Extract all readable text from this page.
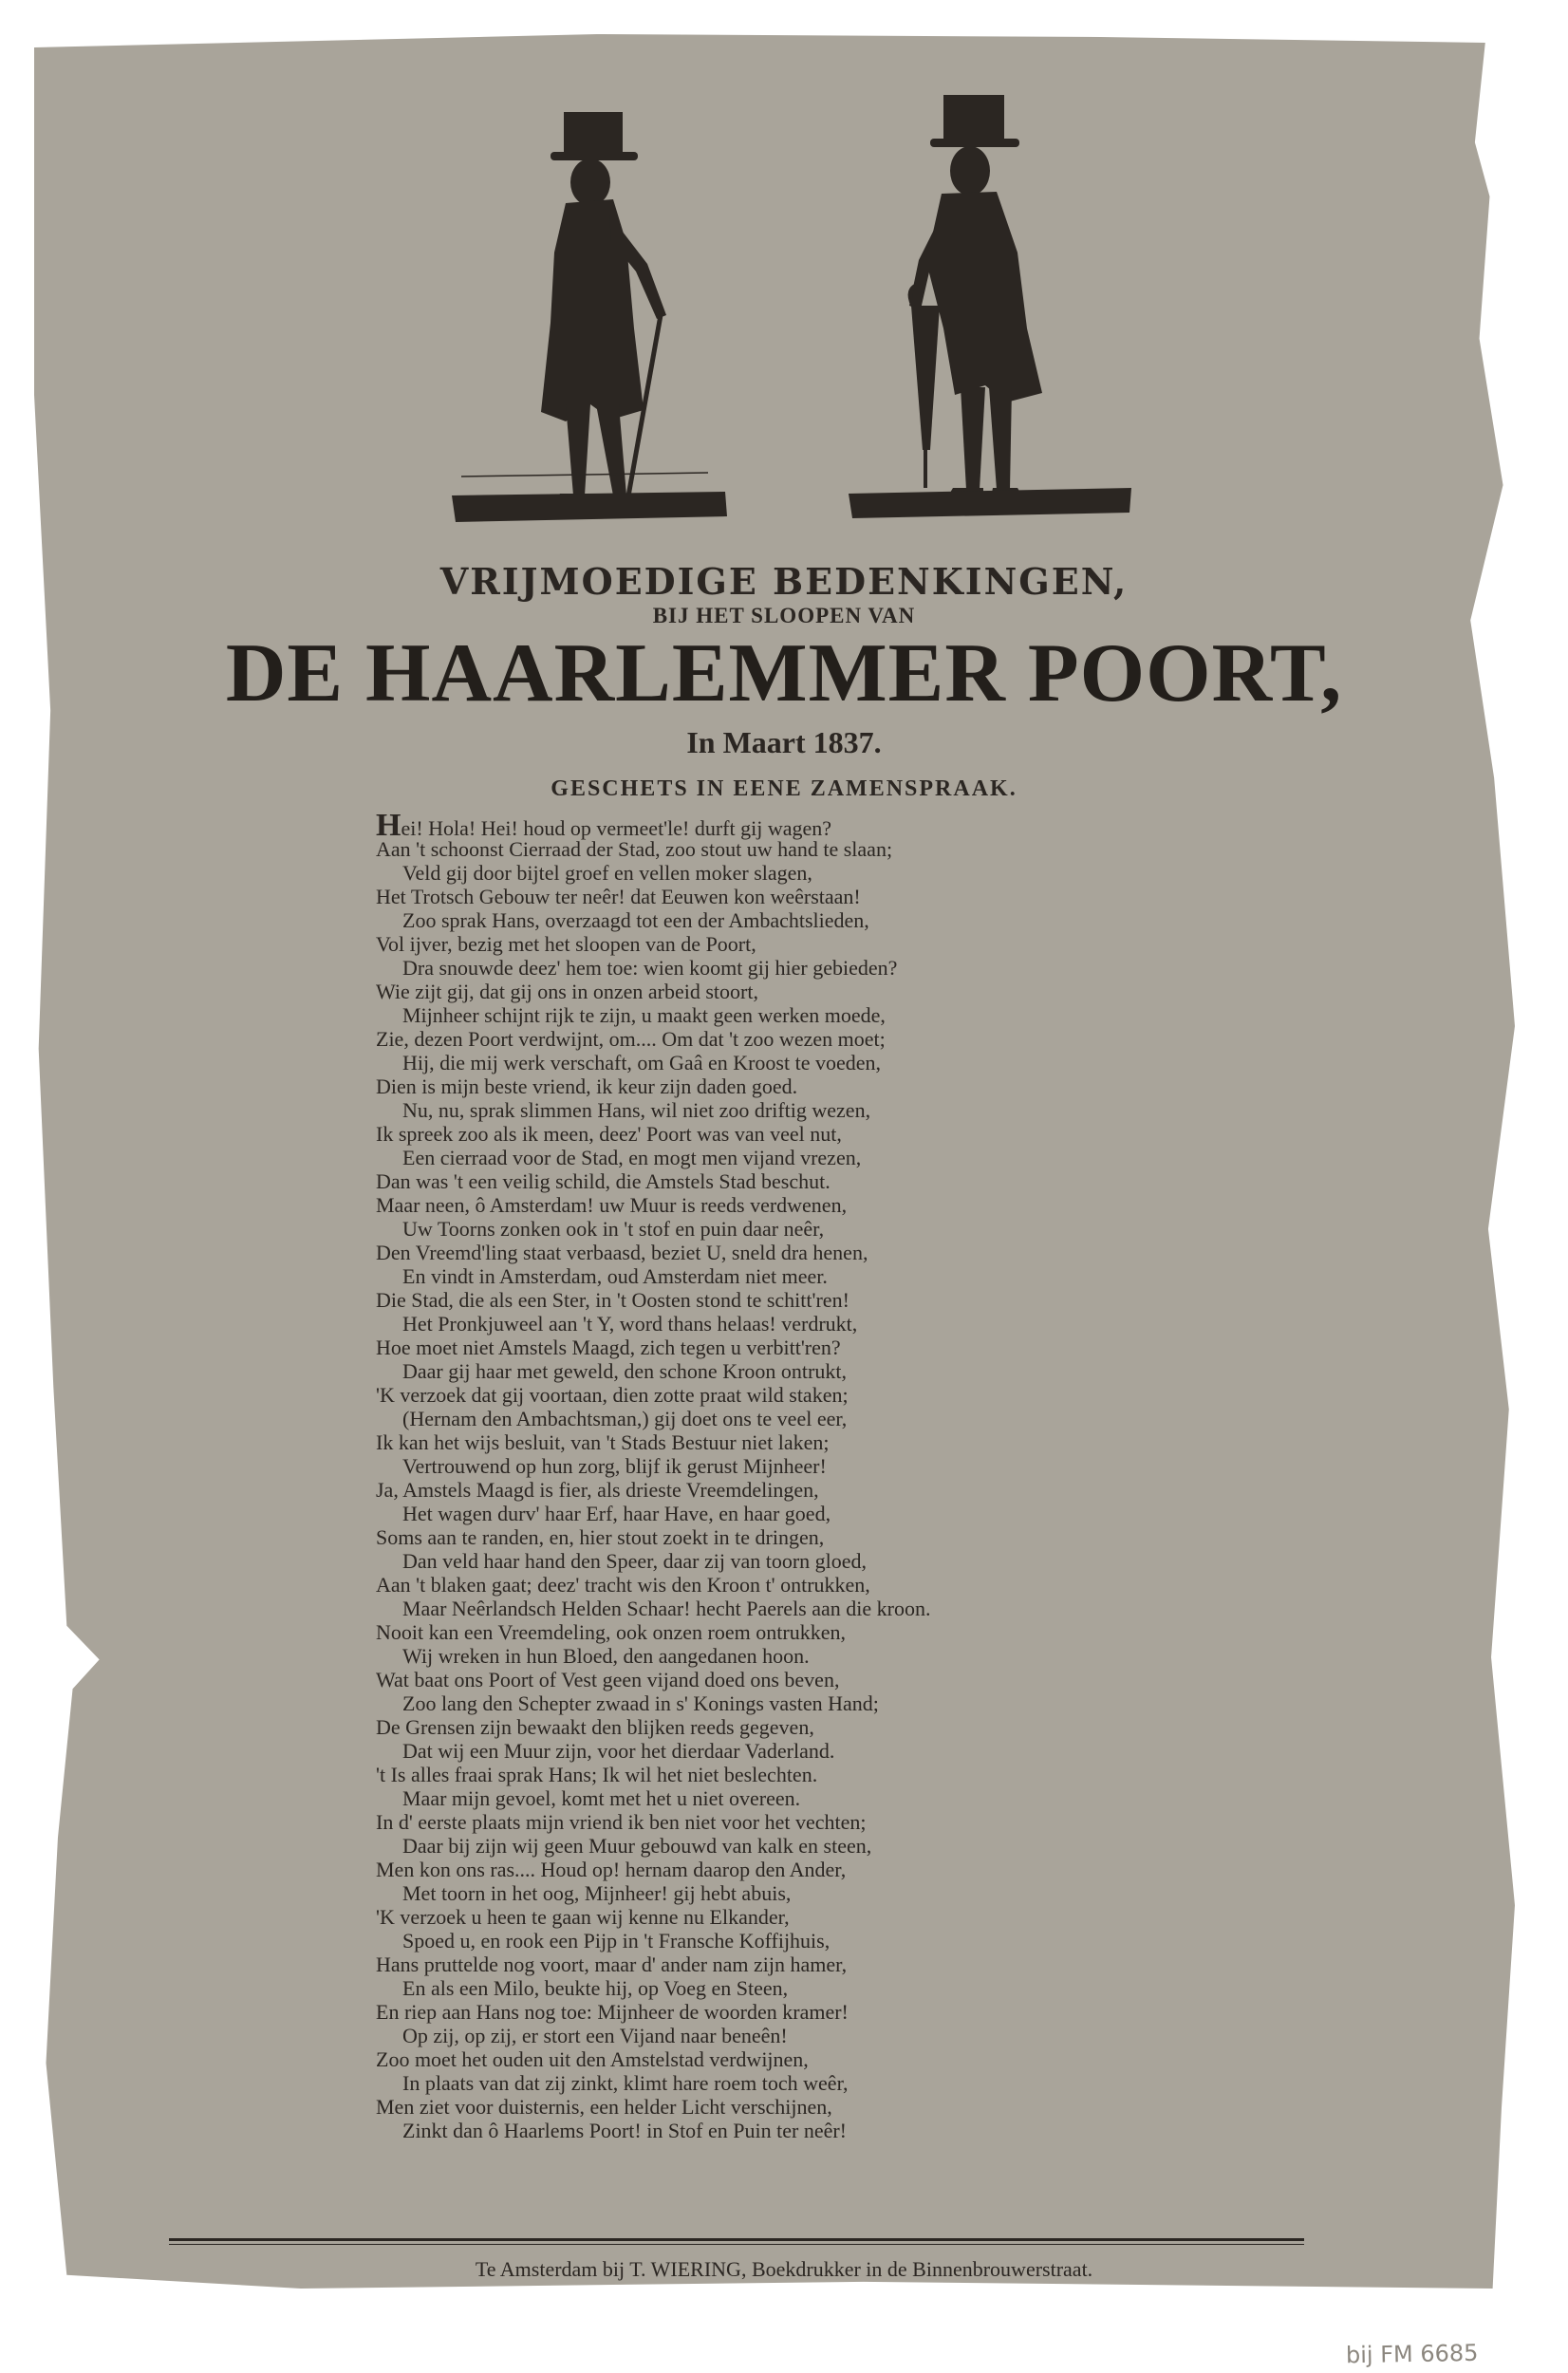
VRIJMOEDIGE BEDENKINGEN,
BIJ HET SLOOPEN VAN
DE HAARLEMMER POORT,
In Maart 1837.
GESCHETS IN EENE ZAMENSPRAAK.
Hei! Hola! Hei! houd op vermeet'le! durft gij wagen?
Aan 't schoonst Cierraad der Stad, zoo stout uw hand te slaan;
Veld gij door bijtel groef en vellen moker slagen,
Het Trotsch Gebouw ter neêr! dat Eeuwen kon weêrstaan!
Zoo sprak Hans, overzaagd tot een der Ambachtslieden,
Vol ijver, bezig met het sloopen van de Poort,
Dra snouwde deez' hem toe: wien koomt gij hier gebieden?
Wie zijt gij, dat gij ons in onzen arbeid stoort,
Mijnheer schijnt rijk te zijn, u maakt geen werken moede,
Zie, dezen Poort verdwijnt, om.... Om dat 't zoo wezen moet;
Hij, die mij werk verschaft, om Gaâ en Kroost te voeden,
Dien is mijn beste vriend, ik keur zijn daden goed.
Nu, nu, sprak slimmen Hans, wil niet zoo driftig wezen,
Ik spreek zoo als ik meen, deez' Poort was van veel nut,
Een cierraad voor de Stad, en mogt men vijand vrezen,
Dan was 't een veilig schild, die Amstels Stad beschut.
Maar neen, ô Amsterdam! uw Muur is reeds verdwenen,
Uw Toorns zonken ook in 't stof en puin daar neêr,
Den Vreemd'ling staat verbaasd, beziet U, sneld dra henen,
En vindt in Amsterdam, oud Amsterdam niet meer.
Die Stad, die als een Ster, in 't Oosten stond te schitt'ren!
Het Pronkjuweel aan 't Y, word thans helaas! verdrukt,
Hoe moet niet Amstels Maagd, zich tegen u verbitt'ren?
Daar gij haar met geweld, den schone Kroon ontrukt,
'K verzoek dat gij voortaan, dien zotte praat wild staken;
(Hernam den Ambachtsman,) gij doet ons te veel eer,
Ik kan het wijs besluit, van 't Stads Bestuur niet laken;
Vertrouwend op hun zorg, blijf ik gerust Mijnheer!
Ja, Amstels Maagd is fier, als drieste Vreemdelingen,
Het wagen durv' haar Erf, haar Have, en haar goed,
Soms aan te randen, en, hier stout zoekt in te dringen,
Dan veld haar hand den Speer, daar zij van toorn gloed,
Aan 't blaken gaat; deez' tracht wis den Kroon t' ontrukken,
Maar Neêrlandsch Helden Schaar! hecht Paerels aan die kroon.
Nooit kan een Vreemdeling, ook onzen roem ontrukken,
Wij wreken in hun Bloed, den aangedanen hoon.
Wat baat ons Poort of Vest geen vijand doed ons beven,
Zoo lang den Schepter zwaad in s' Konings vasten Hand;
De Grensen zijn bewaakt den blijken reeds gegeven,
Dat wij een Muur zijn, voor het dierdaar Vaderland.
't Is alles fraai sprak Hans; Ik wil het niet beslechten.
Maar mijn gevoel, komt met het u niet overeen.
In d' eerste plaats mijn vriend ik ben niet voor het vechten;
Daar bij zijn wij geen Muur gebouwd van kalk en steen,
Men kon ons ras.... Houd op! hernam daarop den Ander,
Met toorn in het oog, Mijnheer! gij hebt abuis,
'K verzoek u heen te gaan wij kenne nu Elkander,
Spoed u, en rook een Pijp in 't Fransche Koffijhuis,
Hans pruttelde nog voort, maar d' ander nam zijn hamer,
En als een Milo, beukte hij, op Voeg en Steen,
En riep aan Hans nog toe: Mijnheer de woorden kramer!
Op zij, op zij, er stort een Vijand naar beneên!
Zoo moet het ouden uit den Amstelstad verdwijnen,
In plaats van dat zij zinkt, klimt hare roem toch weêr,
Men ziet voor duisternis, een helder Licht verschijnen,
Zinkt dan ô Haarlems Poort! in Stof en Puin ter neêr!

Te Amsterdam bij T. WIERING, Boekdrukker in de Binnenbrouwerstraat.

bij FM 6685
